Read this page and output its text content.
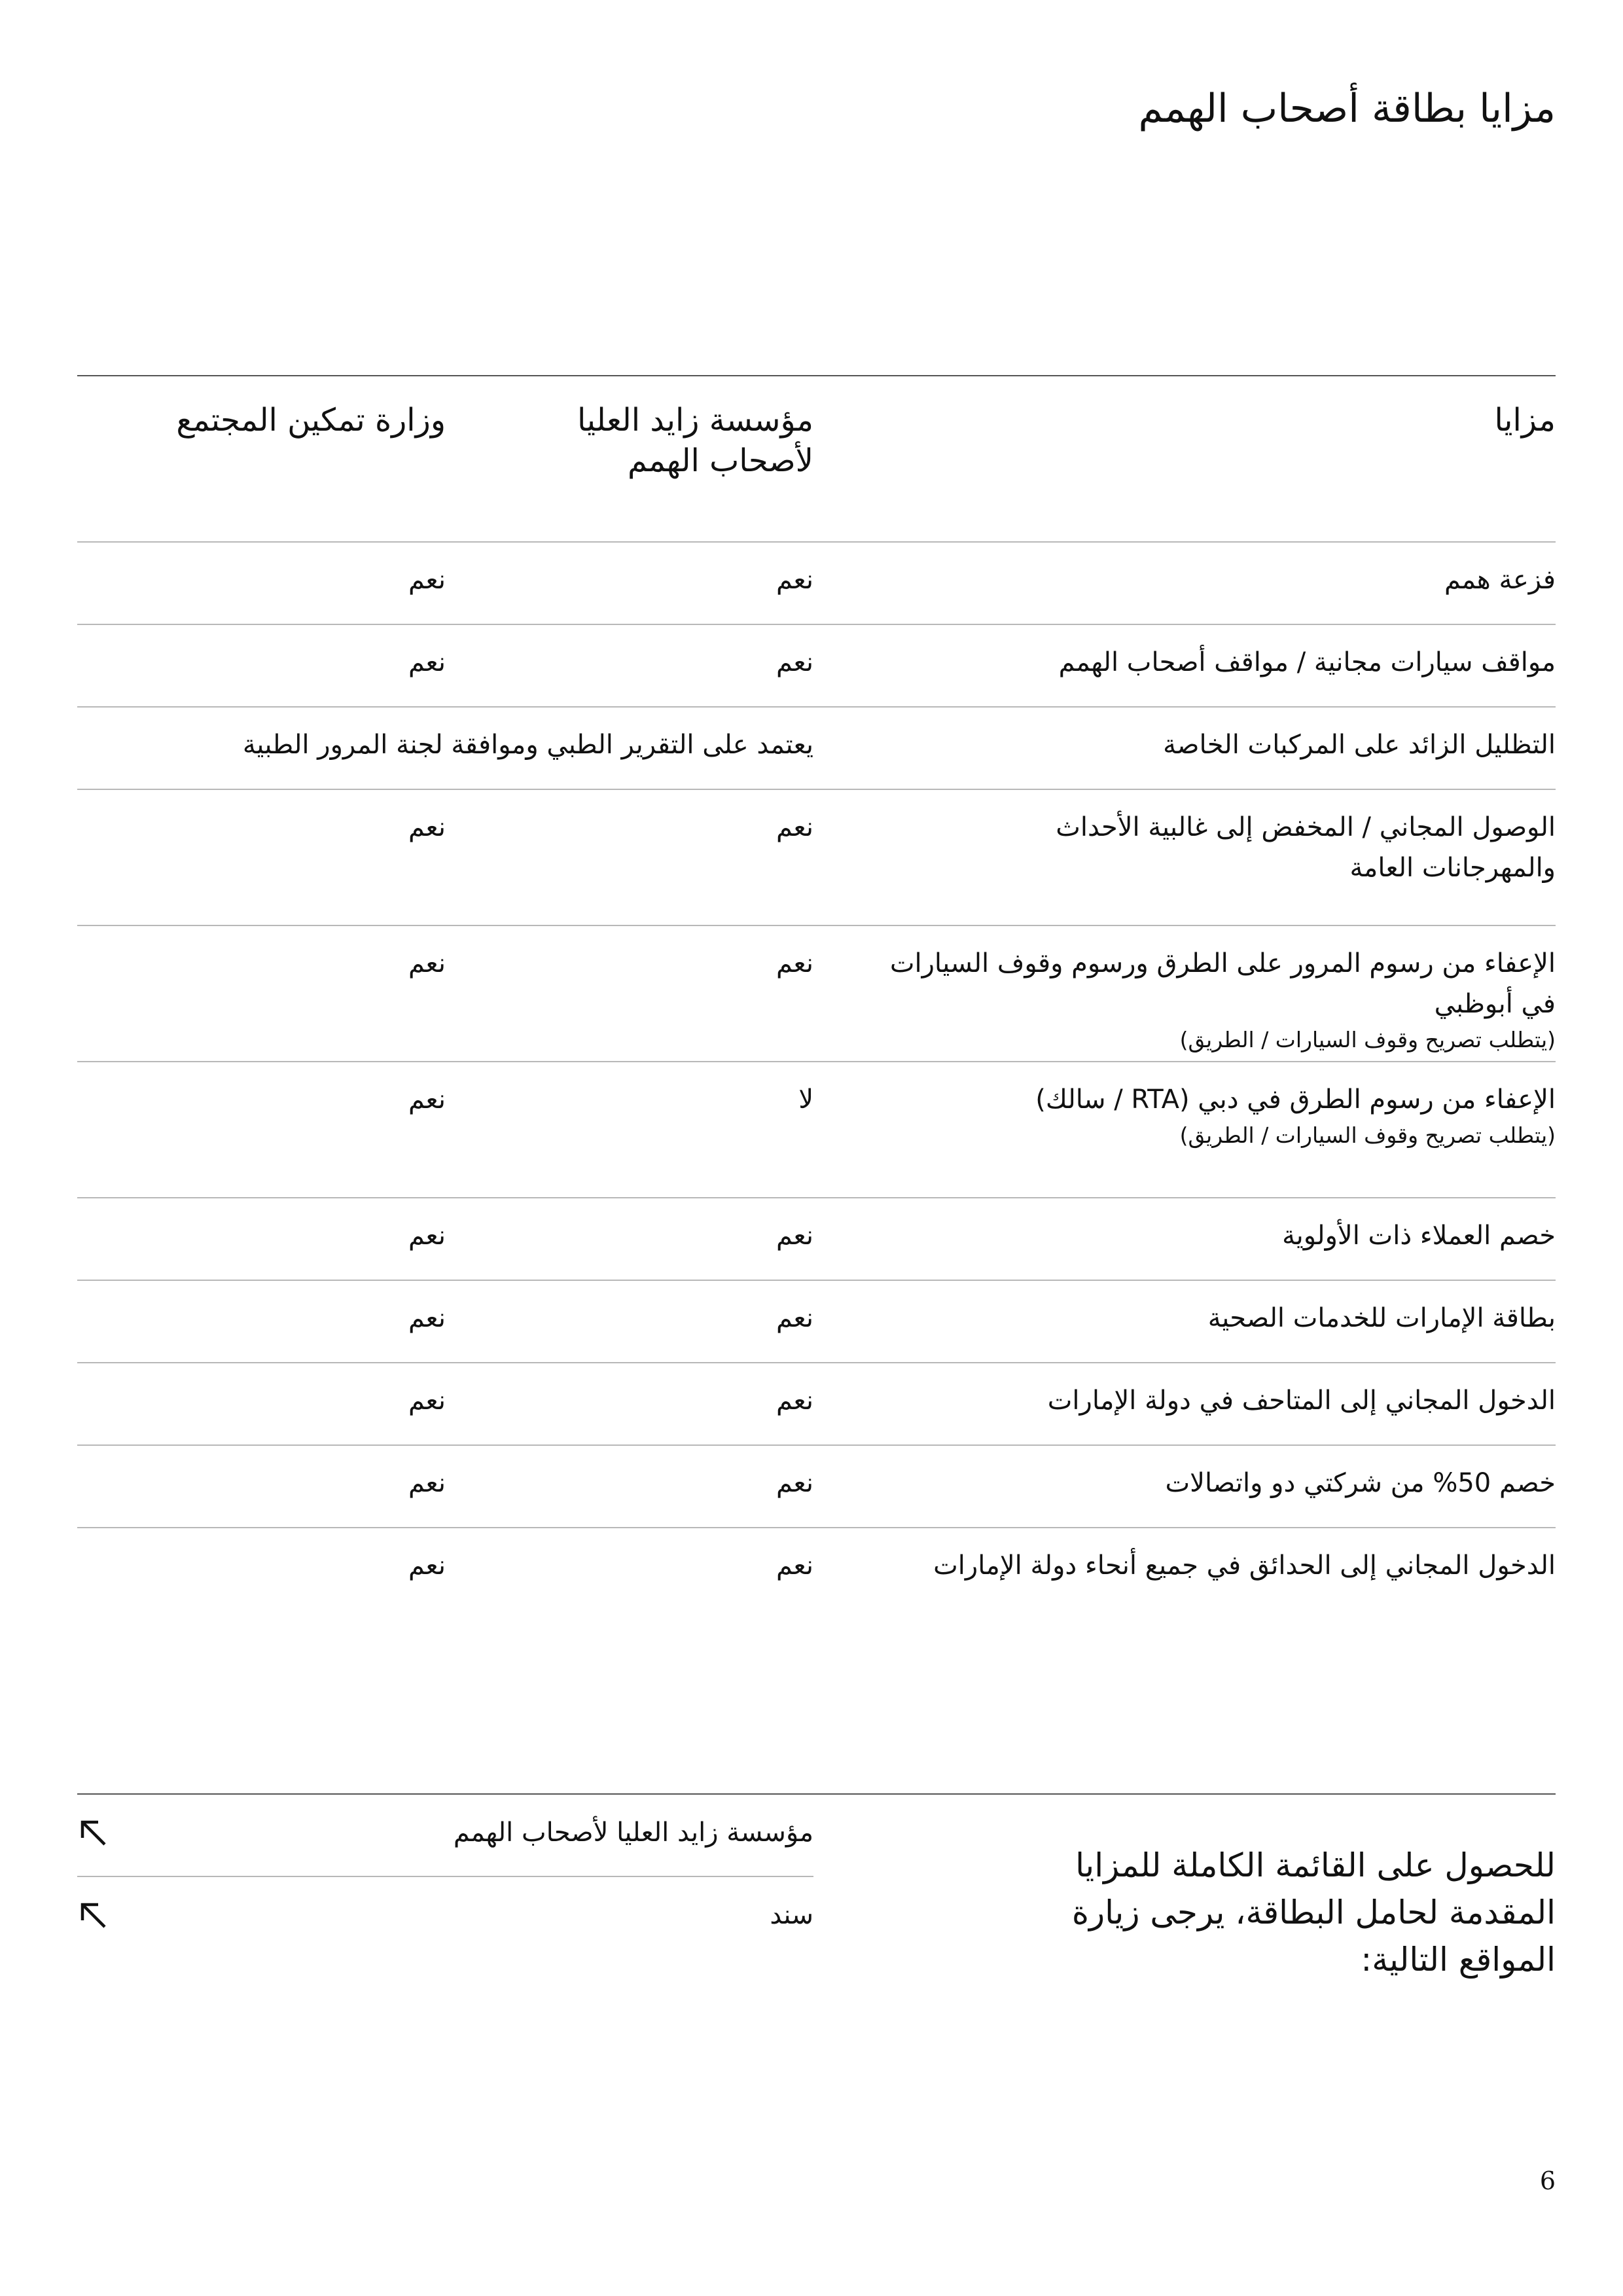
مزايا بطاقة أصحاب الهمم
مزايا
مؤسسة زايد العليا لأصحاب الهمم
وزارة تمكين المجتمع
فزعة همم
نعم
نعم
مواقف سيارات مجانية / مواقف أصحاب الهمم
نعم
نعم
التظليل الزائد على المركبات الخاصة
يعتمد على التقرير الطبي وموافقة لجنة المرور الطبية
الوصول المجاني / المخفض إلى غالبية الأحداث والمهرجانات العامة
نعم
نعم
الإعفاء من رسوم المرور على الطرق ورسوم وقوف السيارات في أبوظبي
(يتطلب تصريح وقوف السيارات / الطريق)
نعم
نعم
الإعفاء من رسوم الطرق في دبي (RTA / سالك)
(يتطلب تصريح وقوف السيارات / الطريق)
لا
نعم
خصم العملاء ذات الأولوية
نعم
نعم
بطاقة الإمارات للخدمات الصحية
نعم
نعم
الدخول المجاني إلى المتاحف في دولة الإمارات
نعم
نعم
خصم 50% من شركتي دو واتصالات
نعم
نعم
الدخول المجاني إلى الحدائق في جميع أنحاء دولة الإمارات
نعم
نعم
للحصول على القائمة الكاملة للمزايا المقدمة لحامل البطاقة، يرجى زيارة المواقع التالية:
مؤسسة زايد العليا لأصحاب الهمم
سند
6
